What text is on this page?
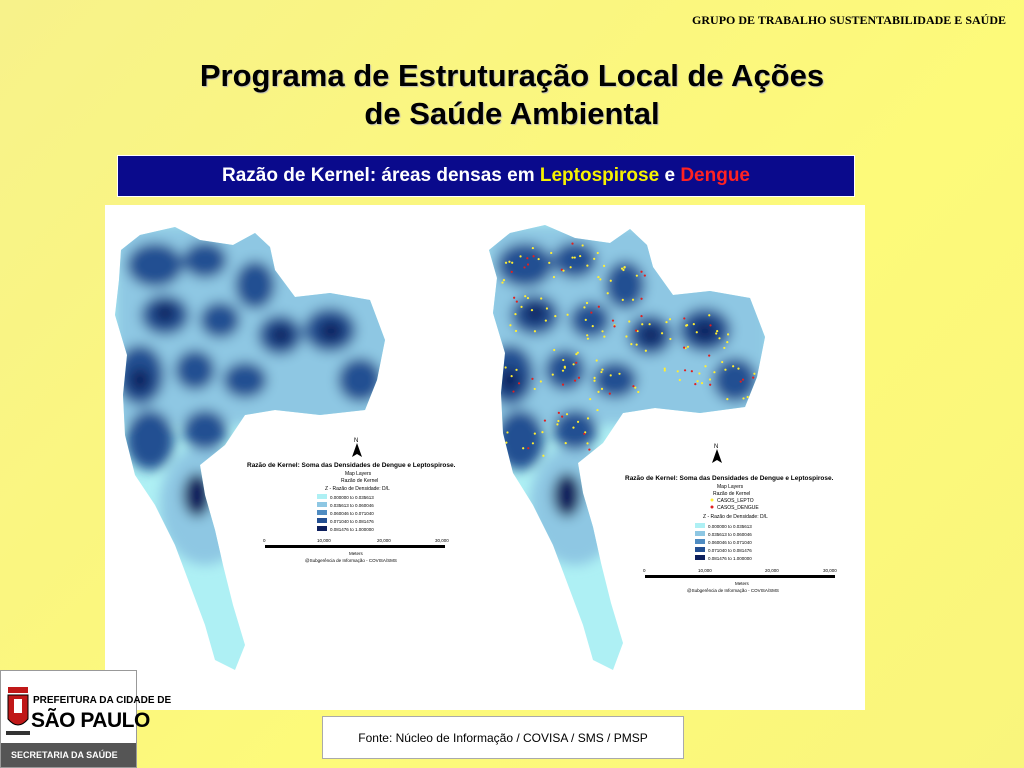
GRUPO DE TRABALHO SUSTENTABILIDADE E SAÚDE
Programa de Estruturação Local de Ações
de Saúde Ambiental
Razão de Kernel: áreas densas em Leptospirose e Dengue
N
Razão de Kernel: Soma das Densidades de Dengue e Leptospirose.
Map Layers
Razão de Kernel
Z - Razão de Densidade: D/L
0.000000 to 0.035613
0.035613 to 0.060046
0.060046 to 0.071040
0.071040 to 0.081476
0.081476 to 1.000000
0	10,000	20,000	30,000
Meters
@Subgerência de Informação - COVISA/SMS
N
Razão de Kernel: Soma das Densidades de Dengue e Leptospirose.
Map Layers
Razão de Kernel
CASOS_LEPTO
CASOS_DENGUE
Z - Razão de Densidade: D/L
0.000000 to 0.035613
0.035613 to 0.060046
0.060046 to 0.071040
0.071040 to 0.081476
0.081476 to 1.000000
0	10,000	20,000	30,000
Meters
@Subgerência de Informação - COVISA/SMS
Fonte: Núcleo de Informação / COVISA / SMS / PMSP
PREFEITURA DA CIDADE DE
SÃO PAULO
SECRETARIA DA SAÚDE
